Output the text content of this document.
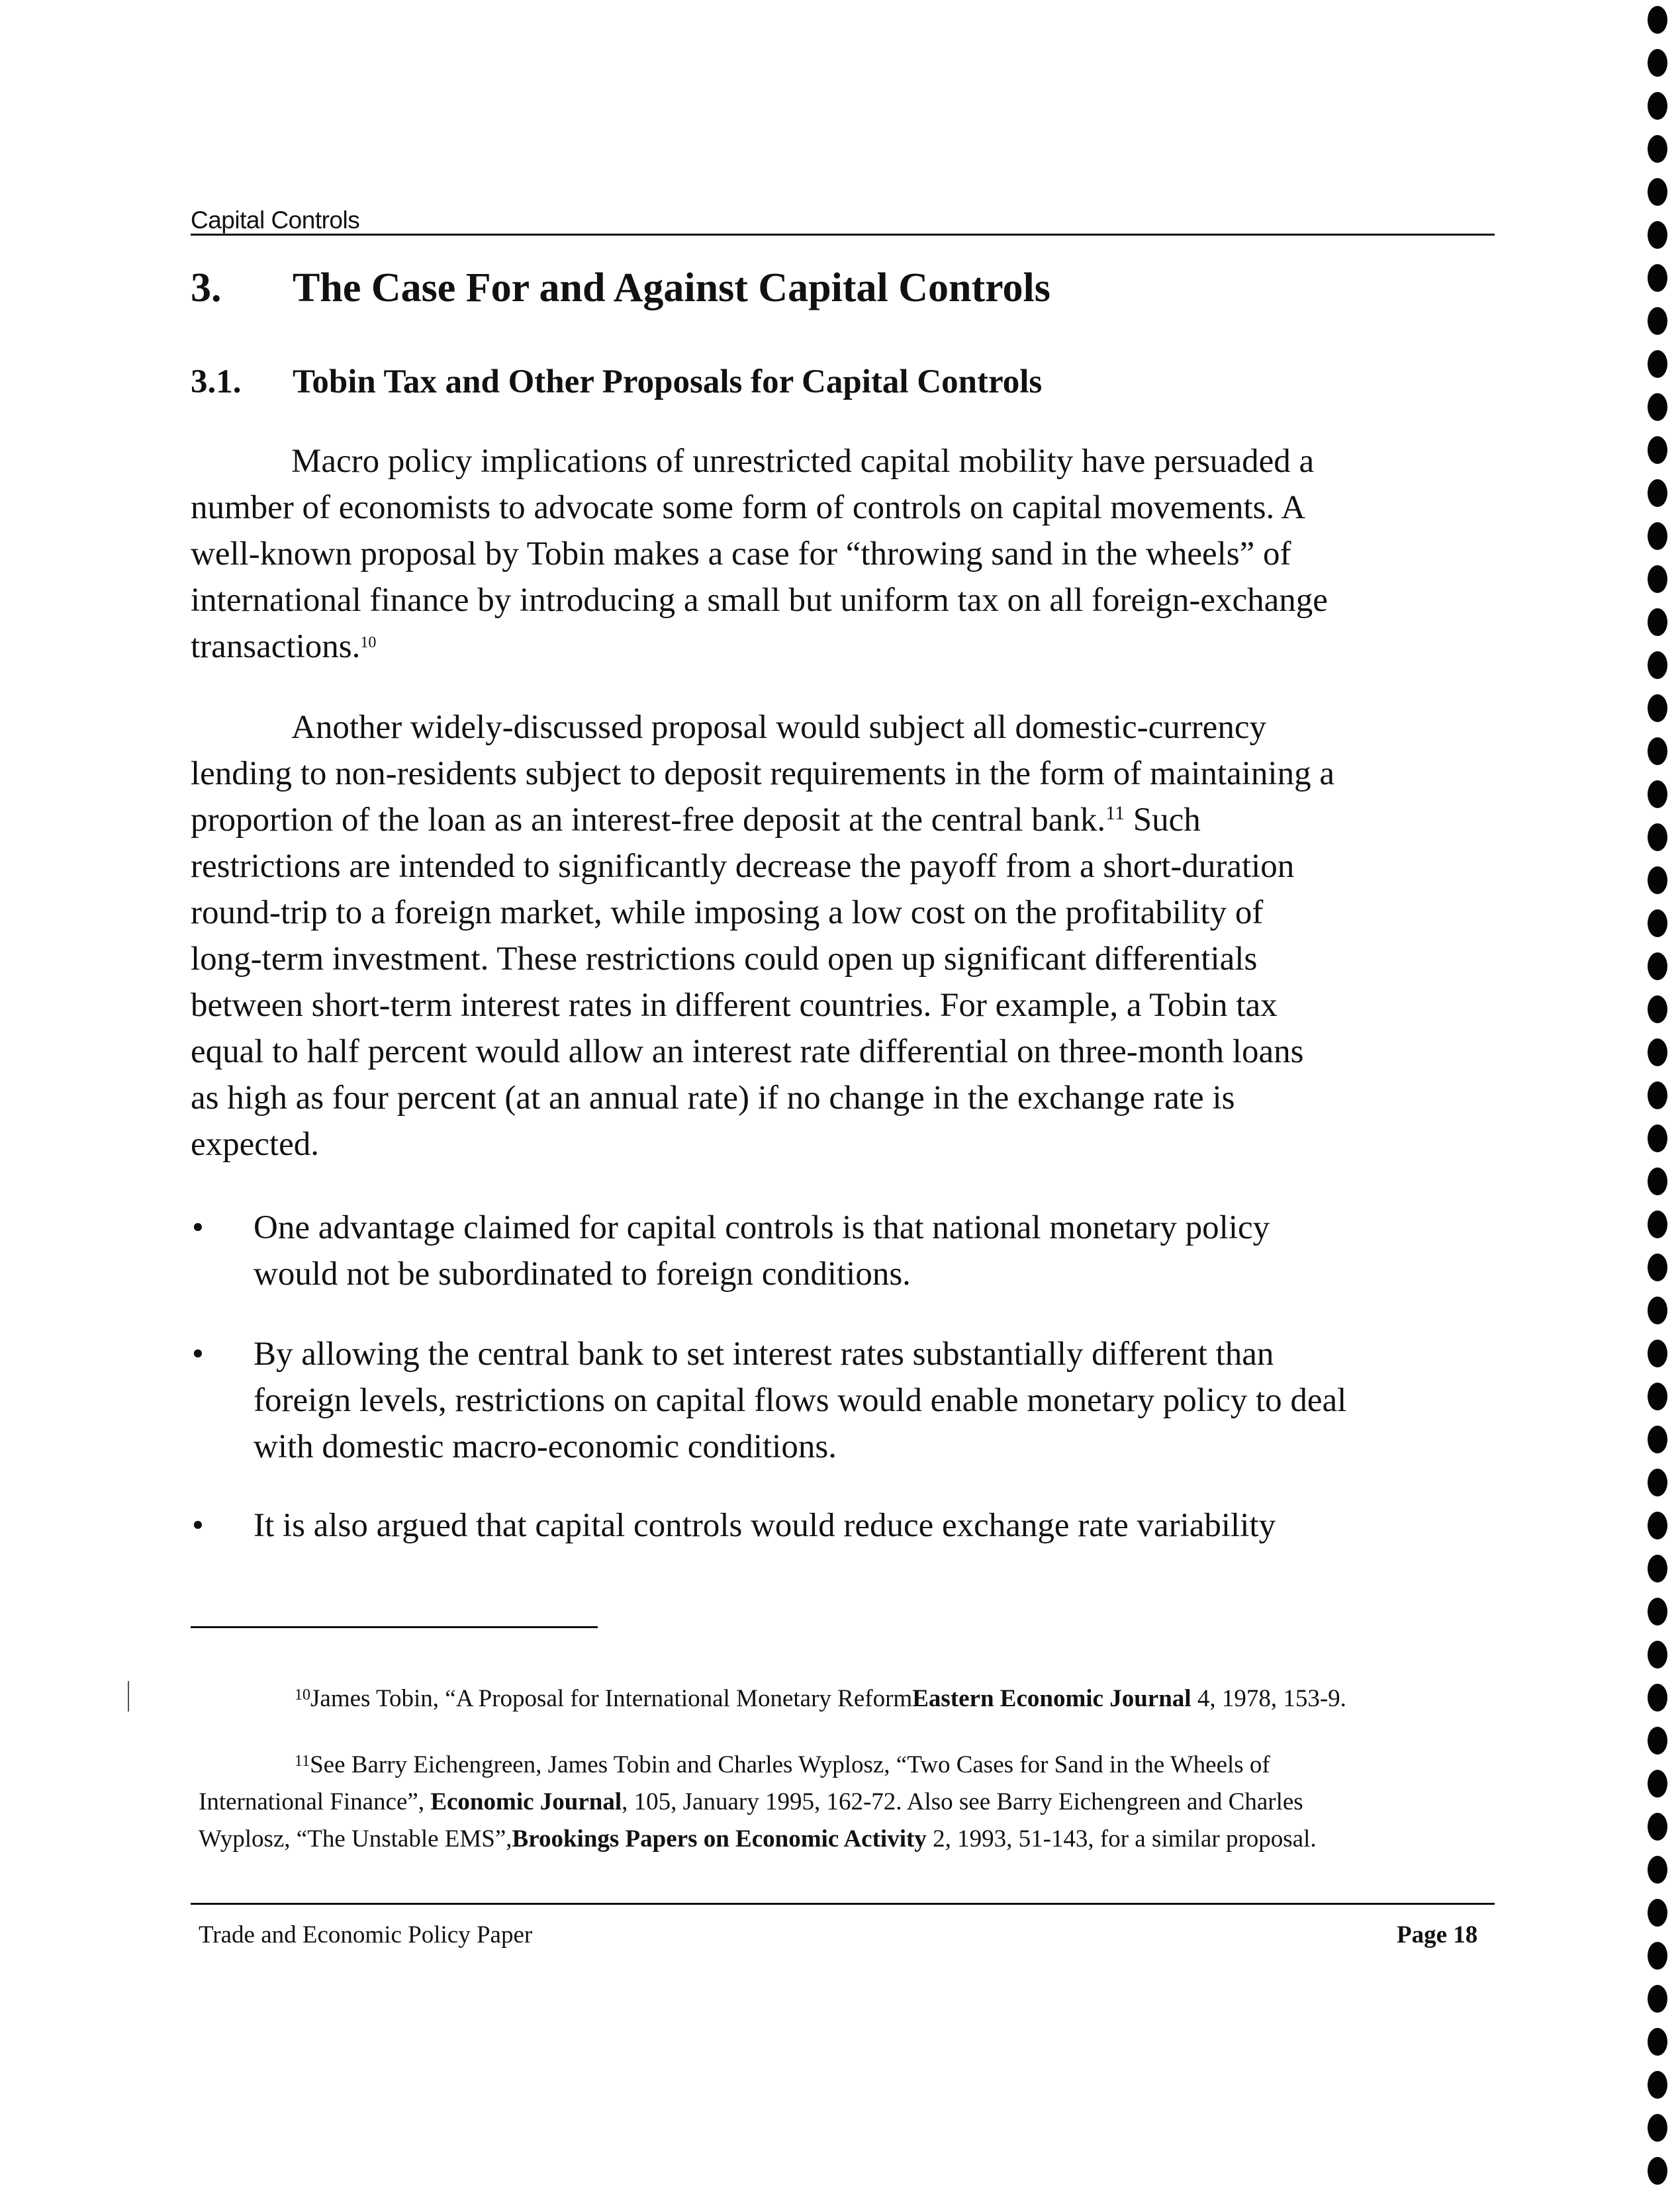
Capital Controls
3. The Case For and Against Capital Controls
3.1. Tobin Tax and Other Proposals for Capital Controls
Macro policy implications of unrestricted capital mobility have persuaded a
number of economists to advocate some form of controls on capital movements. A
well-known proposal by Tobin makes a case for “throwing sand in the wheels” of
international finance by introducing a small but uniform tax on all foreign-exchange
transactions.$^{10}$
Another widely-discussed proposal would subject all domestic-currency
lending to non-residents subject to deposit requirements in the form of maintaining a
proportion of the loan as an interest-free deposit at the central bank.$^{11}$ Such
restrictions are intended to significantly decrease the payoff from a short-duration
round-trip to a foreign market, while imposing a low cost on the profitability of
long-term investment. These restrictions could open up significant differentials
between short-term interest rates in different countries. For example, a Tobin tax
equal to half percent would allow an interest rate differential on three-month loans
as high as four percent (at an annual rate) if no change in the exchange rate is
expected.
• One advantage claimed for capital controls is that national monetary policy
would not be subordinated to foreign conditions.
• By allowing the central bank to set interest rates substantially different than
foreign levels, restrictions on capital flows would enable monetary policy to deal
with domestic macro-economic conditions.
• It is also argued that capital controls would reduce exchange rate variability
$^{10}$James Tobin, “A Proposal for International Monetary ReformEastern Economic Journal 4, 1978, 153-9.
$^{11}$See Barry Eichengreen, James Tobin and Charles Wyplosz, “Two Cases for Sand in the Wheels of
International Finance”, Economic Journal, 105, January 1995, 162-72. Also see Barry Eichengreen and Charles
Wyplosz, “The Unstable EMS”,Brookings Papers on Economic Activity 2, 1993, 51-143, for a similar proposal.
Trade and Economic Policy Paper	Page 18
